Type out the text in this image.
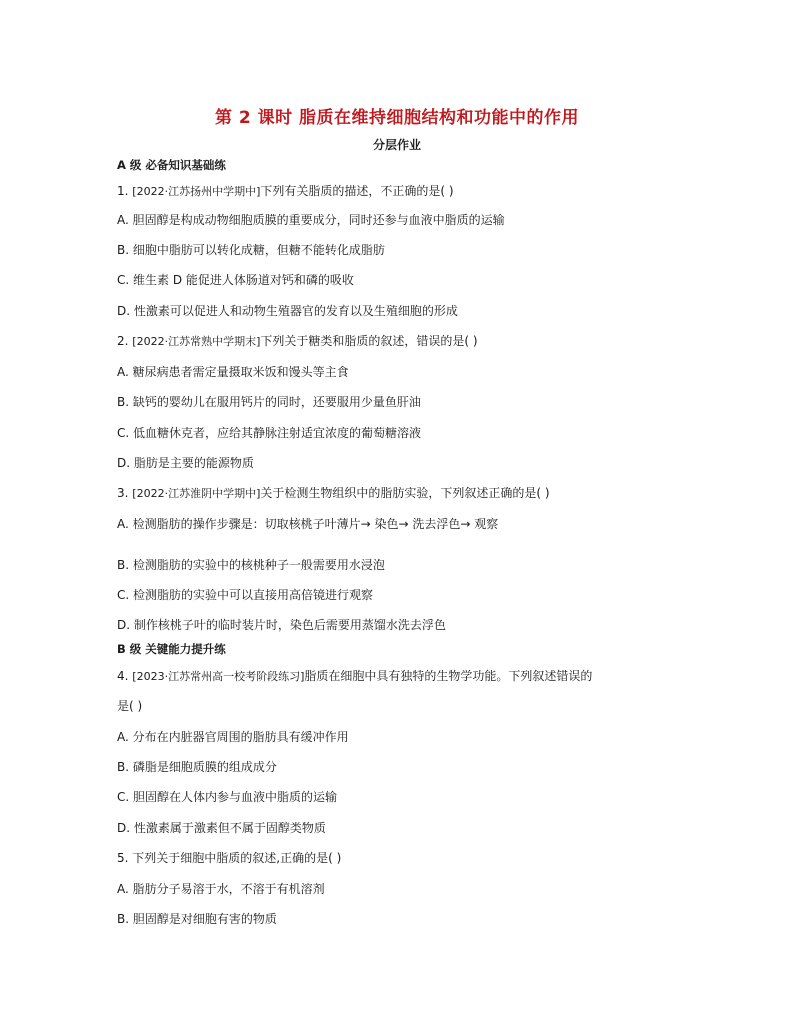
第 2 课时 脂质在维持细胞结构和功能中的作用
分层作业
A 级 必备知识基础练
1. [2022·江苏扬州中学期中]下列有关脂质的描述，不正确的是( )
A. 胆固醇是构成动物细胞质膜的重要成分，同时还参与血液中脂质的运输
B. 细胞中脂肪可以转化成糖，但糖不能转化成脂肪
C. 维生素 D 能促进人体肠道对钙和磷的吸收
D. 性激素可以促进人和动物生殖器官的发育以及生殖细胞的形成
2. [2022·江苏常熟中学期末]下列关于糖类和脂质的叙述，错误的是( )
A. 糖尿病患者需定量摄取米饭和馒头等主食
B. 缺钙的婴幼儿在服用钙片的同时，还要服用少量鱼肝油
C. 低血糖休克者，应给其静脉注射适宜浓度的葡萄糖溶液
D. 脂肪是主要的能源物质
3. [2022·江苏淮阴中学期中]关于检测生物组织中的脂肪实验，下列叙述正确的是( )
A. 检测脂肪的操作步骤是：切取核桃子叶薄片→ 染色→ 洗去浮色→ 观察
B. 检测脂肪的实验中的核桃种子一般需要用水浸泡
C. 检测脂肪的实验中可以直接用高倍镜进行观察
D. 制作核桃子叶的临时装片时，染色后需要用蒸馏水洗去浮色
B 级 关键能力提升练
4. [2023·江苏常州高一校考阶段练习]脂质在细胞中具有独特的生物学功能。下列叙述错误的
是( )
A. 分布在内脏器官周围的脂肪具有缓冲作用
B. 磷脂是细胞质膜的组成成分
C. 胆固醇在人体内参与血液中脂质的运输
D. 性激素属于激素但不属于固醇类物质
5. 下列关于细胞中脂质的叙述,正确的是( )
A. 脂肪分子易溶于水，不溶于有机溶剂
B. 胆固醇是对细胞有害的物质
